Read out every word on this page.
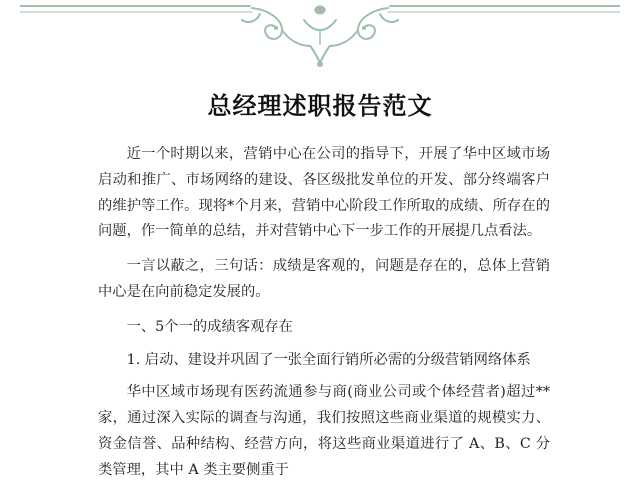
总经理述职报告范文

近一个时期以来，营销中心在公司的指导下，开展了华中区域市场启动和推广、市场网络的建设、各区级批发单位的开发、部分终端客户的维护等工作。现将*个月来，营销中心阶段工作所取的成绩、所存在的问题，作一简单的总结，并对营销中心下一步工作的开展提几点看法。

一言以蔽之，三句话：成绩是客观的，问题是存在的，总体上营销中心是在向前稳定发展的。

一、5个一的成绩客观存在

1. 启动、建设并巩固了一张全面行销所必需的分级营销网络体系

华中区域市场现有医药流通参与商(商业公司或个体经营者)超过**家，通过深入实际的调查与沟通，我们按照这些商业渠道的规模实力、资金信誉、品种结构、经营方向，将这些商业渠道进行了 A、B、C 分类管理，其中 A 类主要侧重于
